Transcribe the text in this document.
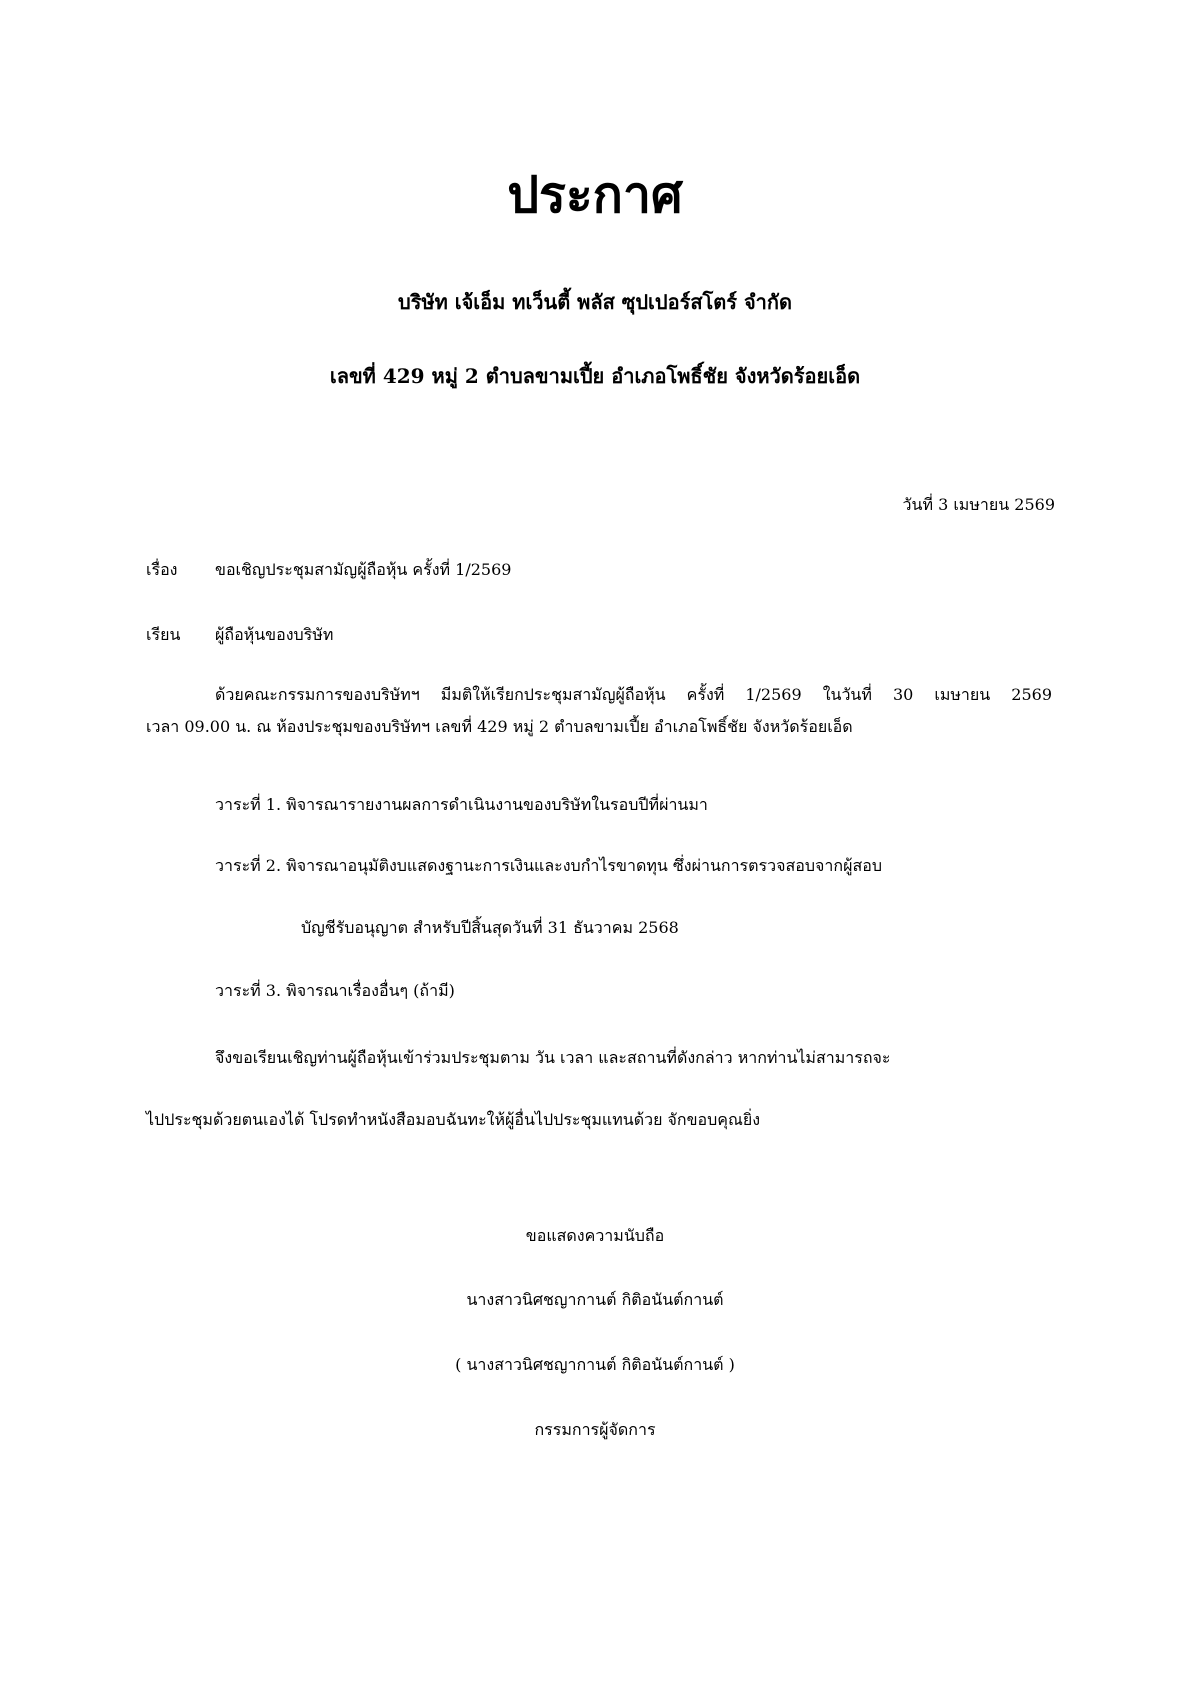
ประกาศ
บริษัท เจ้เอ็ม ทเว็นตี้ พลัส ซุปเปอร์สโตร์ จำกัด
เลขที่ 429 หมู่ 2 ตำบลขามเปี้ย อำเภอโพธิ์ชัย จังหวัดร้อยเอ็ด
วันที่ 3 เมษายน 2569
เรื่อง ขอเชิญประชุมสามัญผู้ถือหุ้น ครั้งที่ 1/2569
เรียน ผู้ถือหุ้นของบริษัท
ด้วยคณะกรรมการของบริษัทฯ มีมติให้เรียกประชุมสามัญผู้ถือหุ้น ครั้งที่ 1/2569 ในวันที่ 30 เมษายน 2569
เวลา 09.00 น. ณ ห้องประชุมของบริษัทฯ เลขที่ 429 หมู่ 2 ตำบลขามเปี้ย อำเภอโพธิ์ชัย จังหวัดร้อยเอ็ด
วาระที่ 1. พิจารณารายงานผลการดำเนินงานของบริษัทในรอบปีที่ผ่านมา
วาระที่ 2. พิจารณาอนุมัติงบแสดงฐานะการเงินและงบกำไรขาดทุน ซึ่งผ่านการตรวจสอบจากผู้สอบ
บัญชีรับอนุญาต สำหรับปีสิ้นสุดวันที่ 31 ธันวาคม 2568
วาระที่ 3. พิจารณาเรื่องอื่นๆ (ถ้ามี)
จึงขอเรียนเชิญท่านผู้ถือหุ้นเข้าร่วมประชุมตาม วัน เวลา และสถานที่ดังกล่าว หากท่านไม่สามารถจะ
ไปประชุมด้วยตนเองได้ โปรดทำหนังสือมอบฉันทะให้ผู้อื่นไปประชุมแทนด้วย จักขอบคุณยิ่ง
ขอแสดงความนับถือ
นางสาวนิศชญากานต์ กิติอนันต์กานต์
( นางสาวนิศชญากานต์ กิติอนันต์กานต์ )
กรรมการผู้จัดการ
